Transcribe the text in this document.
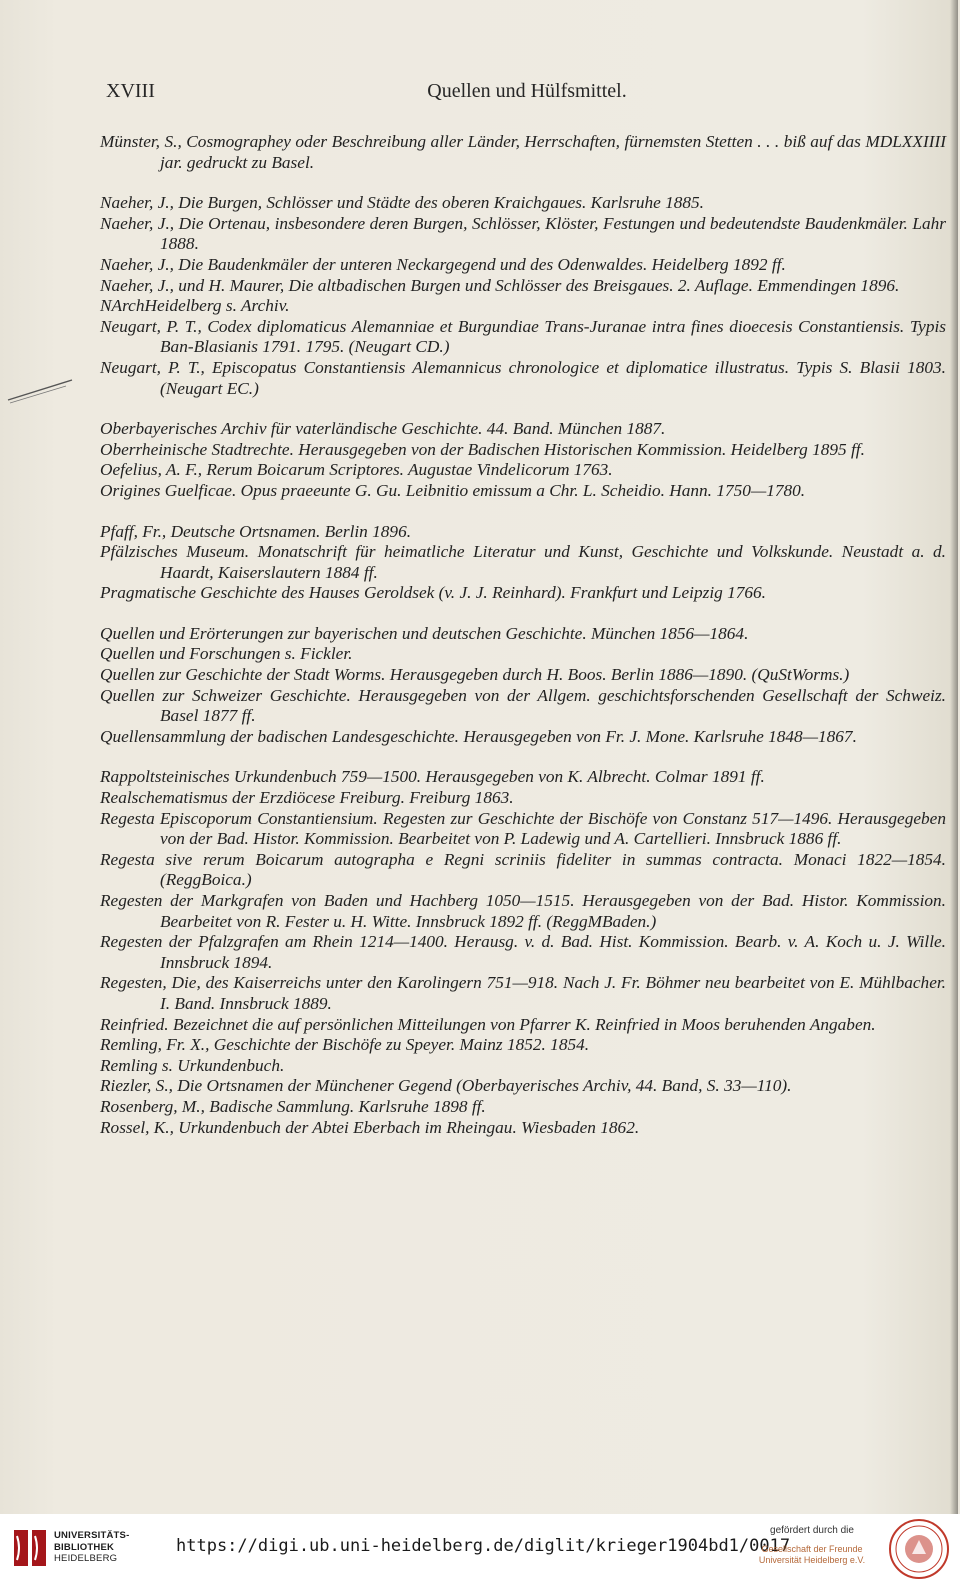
XVIII	Quellen und Hülfsmittel.

Münster, S., Cosmographey oder Beschreibung aller Länder, Herrschaften, fürnemsten Stetten . . . biß auf das MDLXXIIII jar. gedruckt zu Basel.

Naeher, J., Die Burgen, Schlösser und Städte des oberen Kraichgaues. Karlsruhe 1885.

Naeher, J., Die Ortenau, insbesondere deren Burgen, Schlösser, Klöster, Festungen und bedeutendste Baudenkmäler. Lahr 1888.

Naeher, J., Die Baudenkmäler der unteren Neckargegend und des Odenwaldes. Heidelberg 1892 ff.

Naeher, J., und H. Maurer, Die altbadischen Burgen und Schlösser des Breisgaues. 2. Auflage. Emmendingen 1896.

NArchHeidelberg s. Archiv.

Neugart, P. T., Codex diplomaticus Alemanniae et Burgundiae Trans-Juranae intra fines dioecesis Constantiensis. Typis Ban-Blasianis 1791. 1795. (Neugart CD.)

Neugart, P. T., Episcopatus Constantiensis Alemannicus chronologice et diplomatice illustratus. Typis S. Blasii 1803. (Neugart EC.)

Oberbayerisches Archiv für vaterländische Geschichte. 44. Band. München 1887.

Oberrheinische Stadtrechte. Herausgegeben von der Badischen Historischen Kommission. Heidelberg 1895 ff.

Oefelius, A. F., Rerum Boicarum Scriptores. Augustae Vindelicorum 1763.

Origines Guelficae. Opus praeeunte G. Gu. Leibnitio emissum a Chr. L. Scheidio. Hann. 1750—1780.

Pfaff, Fr., Deutsche Ortsnamen. Berlin 1896.

Pfälzisches Museum. Monatschrift für heimatliche Literatur und Kunst, Geschichte und Volkskunde. Neustadt a. d. Haardt, Kaiserslautern 1884 ff.

Pragmatische Geschichte des Hauses Geroldsek (v. J. J. Reinhard). Frankfurt und Leipzig 1766.

Quellen und Erörterungen zur bayerischen und deutschen Geschichte. München 1856—1864.

Quellen und Forschungen s. Fickler.

Quellen zur Geschichte der Stadt Worms. Herausgegeben durch H. Boos. Berlin 1886—1890. (QuStWorms.)

Quellen zur Schweizer Geschichte. Herausgegeben von der Allgem. geschichtsforschenden Gesellschaft der Schweiz. Basel 1877 ff.

Quellensammlung der badischen Landesgeschichte. Herausgegeben von Fr. J. Mone. Karlsruhe 1848—1867.

Rappoltsteinisches Urkundenbuch 759—1500. Herausgegeben von K. Albrecht. Colmar 1891 ff.

Realschematismus der Erzdiöcese Freiburg. Freiburg 1863.

Regesta Episcoporum Constantiensium. Regesten zur Geschichte der Bischöfe von Constanz 517—1496. Herausgegeben von der Bad. Histor. Kommission. Bearbeitet von P. Ladewig und A. Cartellieri. Innsbruck 1886 ff.

Regesta sive rerum Boicarum autographa e Regni scriniis fideliter in summas contracta. Monaci 1822—1854. (ReggBoica.)

Regesten der Markgrafen von Baden und Hachberg 1050—1515. Herausgegeben von der Bad. Histor. Kommission. Bearbeitet von R. Fester u. H. Witte. Innsbruck 1892 ff. (ReggMBaden.)

Regesten der Pfalzgrafen am Rhein 1214—1400. Herausg. v. d. Bad. Hist. Kommission. Bearb. v. A. Koch u. J. Wille. Innsbruck 1894.

Regesten, Die, des Kaiserreichs unter den Karolingern 751—918. Nach J. Fr. Böhmer neu bearbeitet von E. Mühlbacher. I. Band. Innsbruck 1889.

Reinfried. Bezeichnet die auf persönlichen Mitteilungen von Pfarrer K. Reinfried in Moos beruhenden Angaben.

Remling, Fr. X., Geschichte der Bischöfe zu Speyer. Mainz 1852. 1854.

Remling s. Urkundenbuch.

Riezler, S., Die Ortsnamen der Münchener Gegend (Oberbayerisches Archiv, 44. Band, S. 33—110).

Rosenberg, M., Badische Sammlung. Karlsruhe 1898 ff.

Rossel, K., Urkundenbuch der Abtei Eberbach im Rheingau. Wiesbaden 1862.

UNIVERSITÄTS-
BIBLIOTHEK
HEIDELBERG
https://digi.ub.uni-heidelberg.de/diglit/krieger1904bd1/0017
gefördert durch die
Gesellschaft der Freunde
Universität Heidelberg e.V.
